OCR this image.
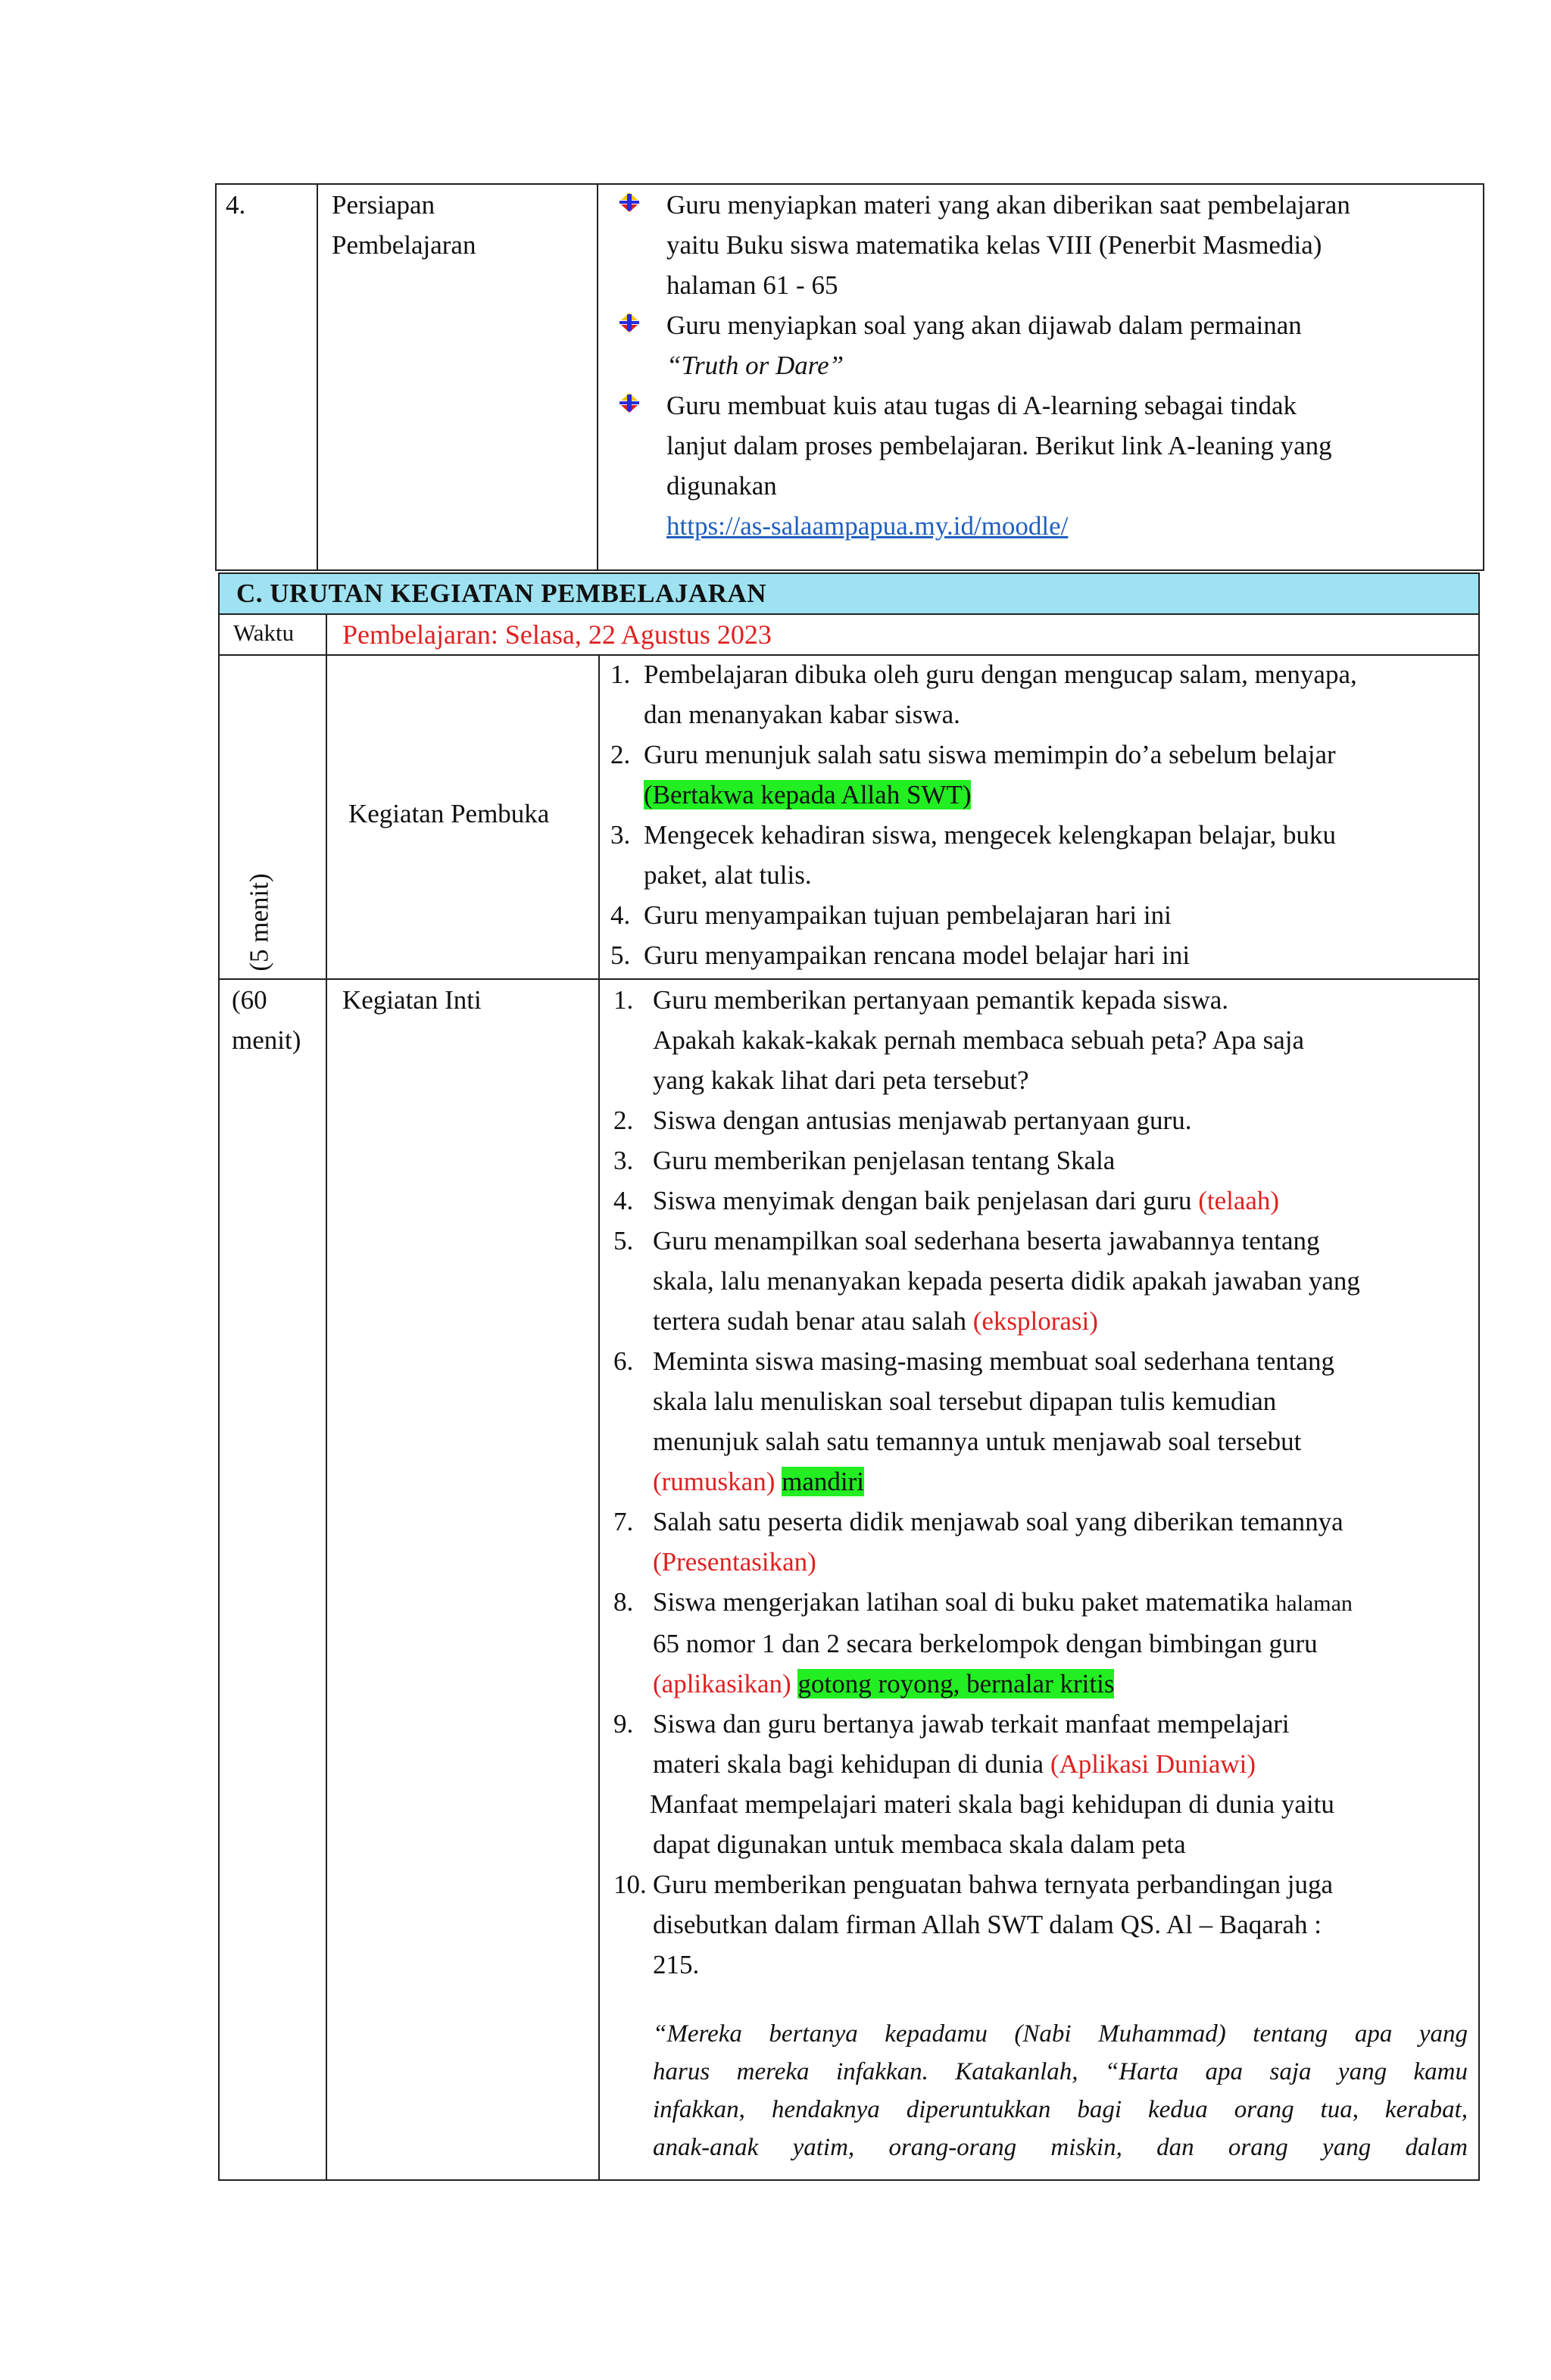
4.	Persiapan
Pembelajaran
Guru menyiapkan materi yang akan diberikan saat pembelajaran
yaitu Buku siswa matematika kelas VIII (Penerbit Masmedia)
halaman 61 - 65
Guru menyiapkan soal yang akan dijawab dalam permainan
“Truth or Dare”
Guru membuat kuis atau tugas di A-learning sebagai tindak
lanjut dalam proses pembelajaran. Berikut link A-leaning yang
digunakan
https://as-salaampapua.my.id/moodle/
C. URUTAN KEGIATAN PEMBELAJARAN
Waktu Pembelajaran: Selasa, 22 Agustus 2023
(5 menit)
Kegiatan Pembuka
1. Pembelajaran dibuka oleh guru dengan mengucap salam, menyapa,
dan menanyakan kabar siswa.
2. Guru menunjuk salah satu siswa memimpin do’a sebelum belajar
(Bertakwa kepada Allah SWT)
3. Mengecek kehadiran siswa, mengecek kelengkapan belajar, buku
paket, alat tulis.
4. Guru menyampaikan tujuan pembelajaran hari ini
5. Guru menyampaikan rencana model belajar hari ini
(60
menit)
Kegiatan Inti	1. Guru memberikan pertanyaan pemantik kepada siswa.
Apakah kakak-kakak pernah membaca sebuah peta? Apa saja
yang kakak lihat dari peta tersebut?
2. Siswa dengan antusias menjawab pertanyaan guru.
3. Guru memberikan penjelasan tentang Skala
4. Siswa menyimak dengan baik penjelasan dari guru (telaah)
5. Guru menampilkan soal sederhana beserta jawabannya tentang
skala, lalu menanyakan kepada peserta didik apakah jawaban yang
tertera sudah benar atau salah (eksplorasi)
6. Meminta siswa masing-masing membuat soal sederhana tentang
skala lalu menuliskan soal tersebut dipapan tulis kemudian
menunjuk salah satu temannya untuk menjawab soal tersebut
(rumuskan) mandiri
7. Salah satu peserta didik menjawab soal yang diberikan temannya
(Presentasikan)
8. Siswa mengerjakan latihan soal di buku paket matematika halaman
65 nomor 1 dan 2 secara berkelompok dengan bimbingan guru
(aplikasikan) gotong royong, bernalar kritis
9. Siswa dan guru bertanya jawab terkait manfaat mempelajari
materi skala bagi kehidupan di dunia (Aplikasi Duniawi)
Manfaat mempelajari materi skala bagi kehidupan di dunia yaitu
dapat digunakan untuk membaca skala dalam peta
10. Guru memberikan penguatan bahwa ternyata perbandingan juga
disebutkan dalam firman Allah SWT dalam QS. Al – Baqarah :
215.
“Mereka bertanya kepadamu (Nabi Muhammad) tentang apa yang
harus mereka infakkan. Katakanlah, “Harta apa saja yang kamu
infakkan, hendaknya diperuntukkan bagi kedua orang tua, kerabat,
anak-anak yatim, orang-orang miskin, dan orang yang dalam
